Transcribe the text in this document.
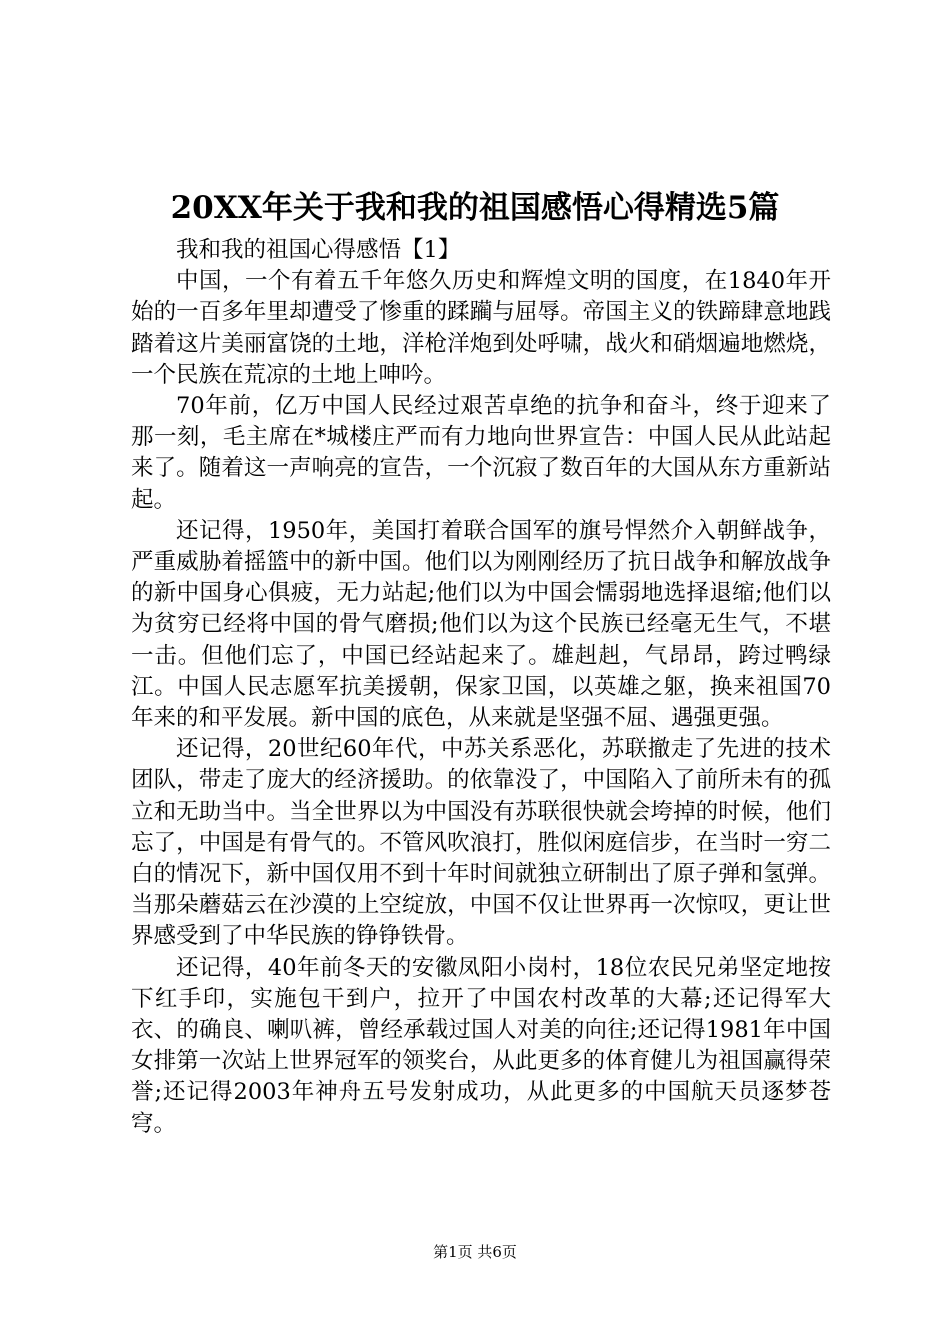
20XX年关于我和我的祖国感悟心得精选5篇

我和我的祖国心得感悟【1】

中国，一个有着五千年悠久历史和辉煌文明的国度，在1840年开始的一百多年里却遭受了惨重的蹂躏与屈辱。帝国主义的铁蹄肆意地践踏着这片美丽富饶的土地，洋枪洋炮到处呼啸，战火和硝烟遍地燃烧，一个民族在荒凉的土地上呻吟。

70年前，亿万中国人民经过艰苦卓绝的抗争和奋斗，终于迎来了那一刻，毛主席在*城楼庄严而有力地向世界宣告：中国人民从此站起来了。随着这一声响亮的宣告，一个沉寂了数百年的大国从东方重新站起。

还记得，1950年，美国打着联合国军的旗号悍然介入朝鲜战争，严重威胁着摇篮中的新中国。他们以为刚刚经历了抗日战争和解放战争的新中国身心俱疲，无力站起;他们以为中国会懦弱地选择退缩;他们以为贫穷已经将中国的骨气磨损;他们以为这个民族已经毫无生气，不堪一击。但他们忘了，中国已经站起来了。雄赳赳，气昂昂，跨过鸭绿江。中国人民志愿军抗美援朝，保家卫国，以英雄之躯，换来祖国70年来的和平发展。新中国的底色，从来就是坚强不屈、遇强更强。

还记得，20世纪60年代，中苏关系恶化，苏联撤走了先进的技术团队，带走了庞大的经济援助。的依靠没了，中国陷入了前所未有的孤立和无助当中。当全世界以为中国没有苏联很快就会垮掉的时候，他们忘了，中国是有骨气的。不管风吹浪打，胜似闲庭信步，在当时一穷二白的情况下，新中国仅用不到十年时间就独立研制出了原子弹和氢弹。当那朵蘑菇云在沙漠的上空绽放，中国不仅让世界再一次惊叹，更让世界感受到了中华民族的铮铮铁骨。

还记得，40年前冬天的安徽凤阳小岗村，18位农民兄弟坚定地按下红手印，实施包干到户，拉开了中国农村改革的大幕;还记得军大衣、的确良、喇叭裤，曾经承载过国人对美的向往;还记得1981年中国女排第一次站上世界冠军的领奖台，从此更多的体育健儿为祖国赢得荣誉;还记得2003年神舟五号发射成功，从此更多的中国航天员逐梦苍穹。

第1页 共6页
